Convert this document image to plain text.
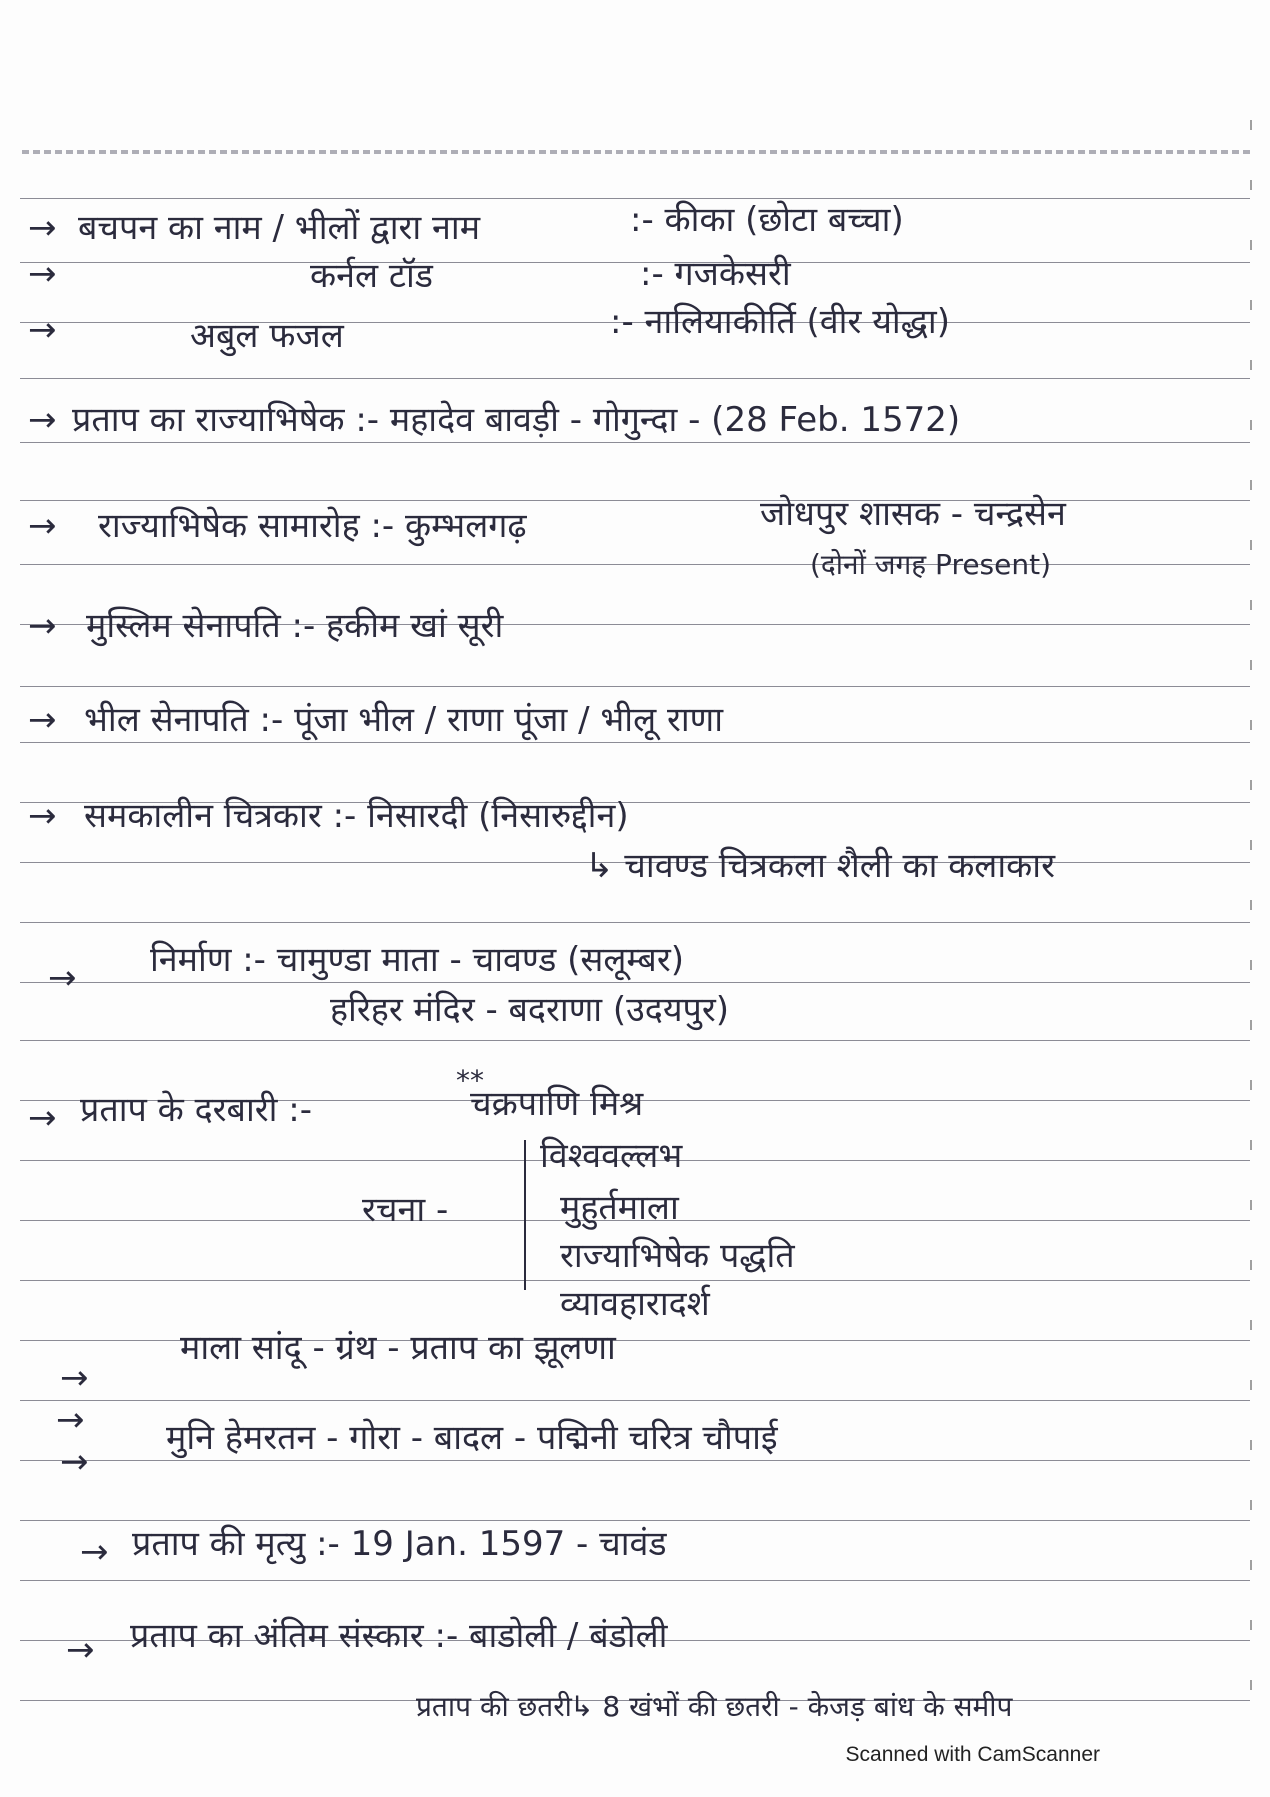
→ बचपन का नाम / भीलों द्वारा नाम	:- कीका (छोटा बच्चा)
→	कर्नल टॉड	:- गजकेसरी
→	अबुल फजल	:- नालियाकीर्ति (वीर योद्धा)
→ प्रताप का राज्याभिषेक :- महादेव बावड़ी - गोगुन्दा - (28 Feb. 1572)
→ राज्याभिषेक सामारोह :- कुम्भलगढ़	जोधपुर शासक - चन्द्रसेन
(दोनों जगह Present)
→ मुस्लिम सेनापति :- हकीम खां सूरी
→ भील सेनापति :- पूंजा भील / राणा पूंजा / भीलू राणा
→ समकालीन चित्रकार :- निसारदी (निसारुद्दीन)
↳ चावण्ड चित्रकला शैली का कलाकार
→ निर्माण :- चामुण्डा माता - चावण्ड (सलूम्बर)
हरिहर मंदिर - बदराणा (उदयपुर)
→ प्रताप के दरबारी :-
**
चक्रपाणि मिश्र
रचना -
विश्ववल्लभ
मुहुर्तमाला
राज्याभिषेक पद्धति
व्यावहारादर्श
→
माला सांदू - ग्रंथ - प्रताप का झूलणा
→
→
मुनि हेमरतन - गोरा - बादल - पद्मिनी चरित्र चौपाई
→ प्रताप की मृत्यु :- 19 Jan. 1597 - चावंड
→ प्रताप का अंतिम संस्कार :- बाडोली / बंडोली
प्रताप की छतरी
↳ 8 खंभों की छतरी - केजड़ बांध के समीप
Scanned with CamScanner
